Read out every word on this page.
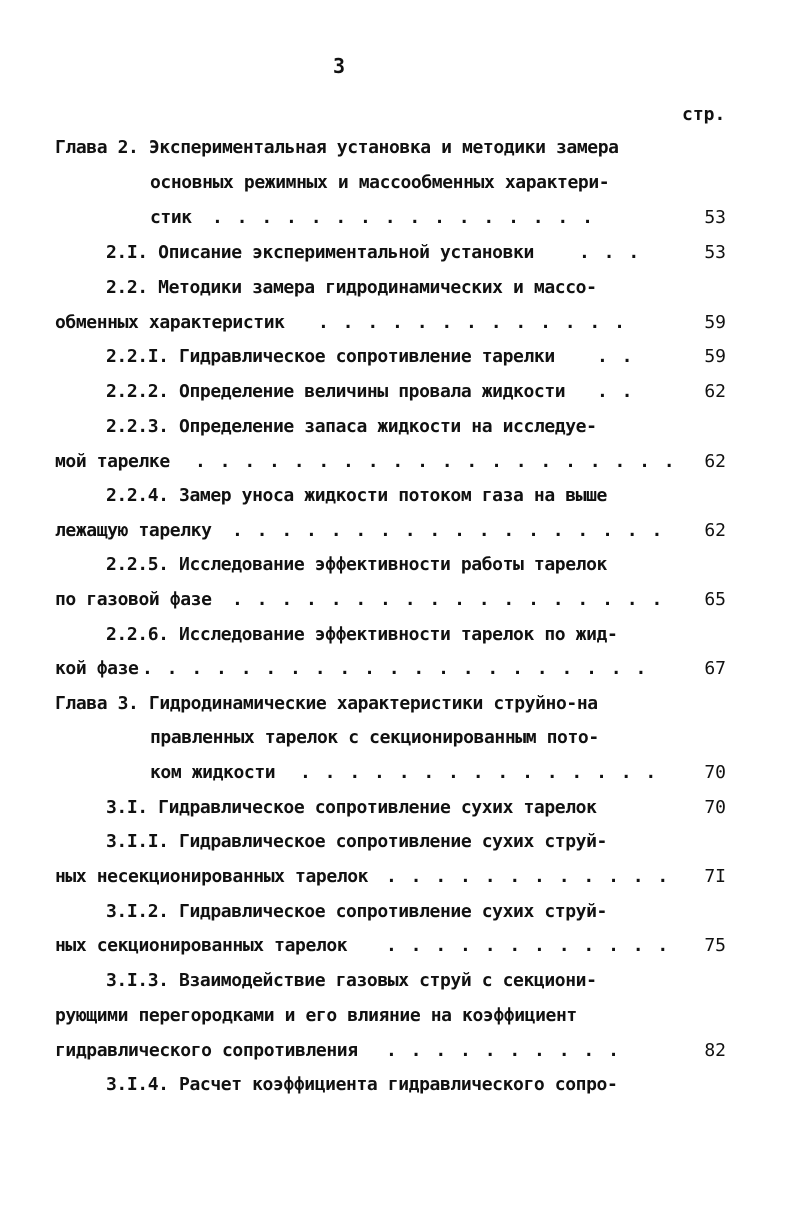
3
стр.
Глава 2. Экспериментальная установка и методики замера
основных режимных и массообменных характери-
стик . . . . . . . . . . . . . . . .	53
2.I. Описание экспериментальной установки	. . .	53
2.2. Методики замера гидродинамических и массо-
обменных характеристик . . . . . . . . . . . . .	59
2.2.I. Гидравлическое сопротивление тарелки . .	59
2.2.2. Определение величины провала жидкости . .	62
2.2.3. Определение запаса жидкости на исследуе-
мой тарелке . . . . . . . . . . . . . . . . . . . .	62
2.2.4. Замер уноса жидкости потоком газа на выше
лежащую тарелку . . . . . . . . . . . . . . . . . .	62
2.2.5. Исследование эффективности работы тарелок
по газовой фазе . . . . . . . . . . . . . . . . . .	65
2.2.6. Исследование эффективности тарелок по жид-
кой фазе . . . . . . . . . . . . . . . . . . . . .	67
Глава 3. Гидродинамические характеристики струйно-на
правленных тарелок с секционированным пото-
ком жидкости . . . . . . . . . . . . . . .	70
3.I. Гидравлическое сопротивление сухих тарелок	70
3.I.I. Гидравлическое сопротивление сухих струй-
ных несекционированных тарелок . . . . . . . . . . . .	7I
3.I.2. Гидравлическое сопротивление сухих струй-
ных секционированных тарелок . . . . . . . . . . . .	75
3.I.3. Взаимодействие газовых струй с секциони-
рующими перегородками и его влияние на коэффициент
гидравлического сопротивления . . . . . . . . . .	82
3.I.4. Расчет коэффициента гидравлического сопро-
